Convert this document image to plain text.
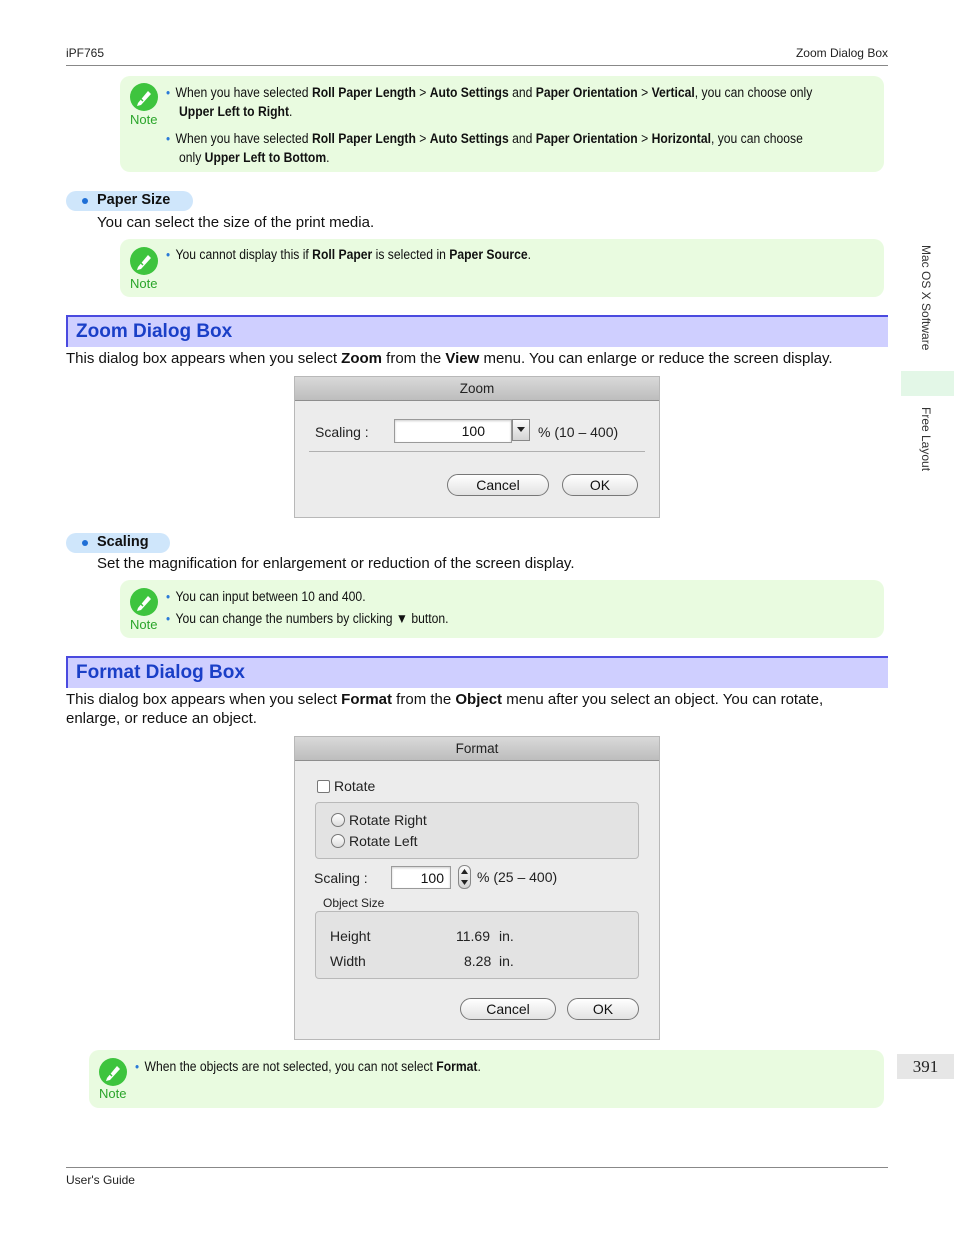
iPF765	Zoom Dialog Box
Note
• When you have selected Roll Paper Length > Auto Settings and Paper Orientation > Vertical, you can choose only
Upper Left to Right.
• When you have selected Roll Paper Length > Auto Settings and Paper Orientation > Horizontal, you can choose
only Upper Left to Bottom.
Paper Size
You can select the size of the print media.
Note
• You cannot display this if Roll Paper is selected in Paper Source.
Zoom Dialog Box
This dialog box appears when you select Zoom from the View menu. You can enlarge or reduce the screen display.
Zoom
Scaling :	100	% (10 – 400)
Cancel	OK
Scaling
Set the magnification for enlargement or reduction of the screen display.
Note
• You can input between 10 and 400.
• You can change the numbers by clicking ▼ button.
Format Dialog Box
This dialog box appears when you select Format from the Object menu after you select an object. You can rotate,
enlarge, or reduce an object.
Format
Rotate
Rotate Right
Rotate Left
Scaling :	100	% (25 – 400)
Object Size
Height	11.69 in.
Width	8.28 in.
Cancel	OK
Note
• When the objects are not selected, you can not select Format.
Mac OS X Software
Free Layout
391
User's Guide
